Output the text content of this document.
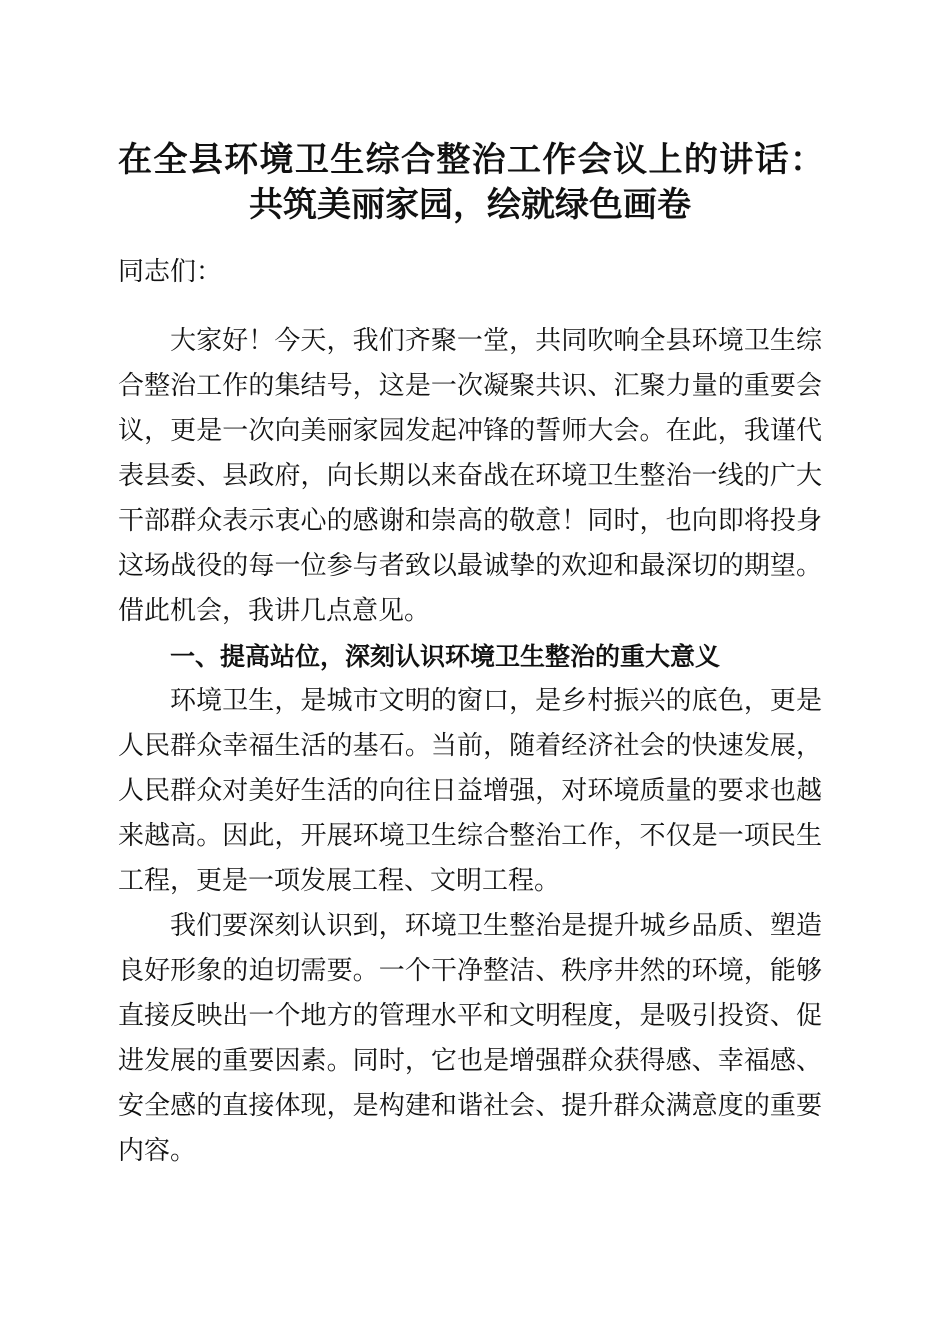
在全县环境卫生综合整治工作会议上的讲话：
共筑美丽家园，绘就绿色画卷
同志们：
大家好！今天，我们齐聚一堂，共同吹响全县环境卫生综
合整治工作的集结号，这是一次凝聚共识、汇聚力量的重要会
议，更是一次向美丽家园发起冲锋的誓师大会。在此，我谨代
表县委、县政府，向长期以来奋战在环境卫生整治一线的广大
干部群众表示衷心的感谢和崇高的敬意！同时，也向即将投身
这场战役的每一位参与者致以最诚挚的欢迎和最深切的期望。
借此机会，我讲几点意见。
一、提高站位，深刻认识环境卫生整治的重大意义
环境卫生，是城市文明的窗口，是乡村振兴的底色，更是
人民群众幸福生活的基石。当前，随着经济社会的快速发展，
人民群众对美好生活的向往日益增强，对环境质量的要求也越
来越高。因此，开展环境卫生综合整治工作，不仅是一项民生
工程，更是一项发展工程、文明工程。
我们要深刻认识到，环境卫生整治是提升城乡品质、塑造
良好形象的迫切需要。一个干净整洁、秩序井然的环境，能够
直接反映出一个地方的管理水平和文明程度，是吸引投资、促
进发展的重要因素。同时，它也是增强群众获得感、幸福感、
安全感的直接体现，是构建和谐社会、提升群众满意度的重要
内容。
